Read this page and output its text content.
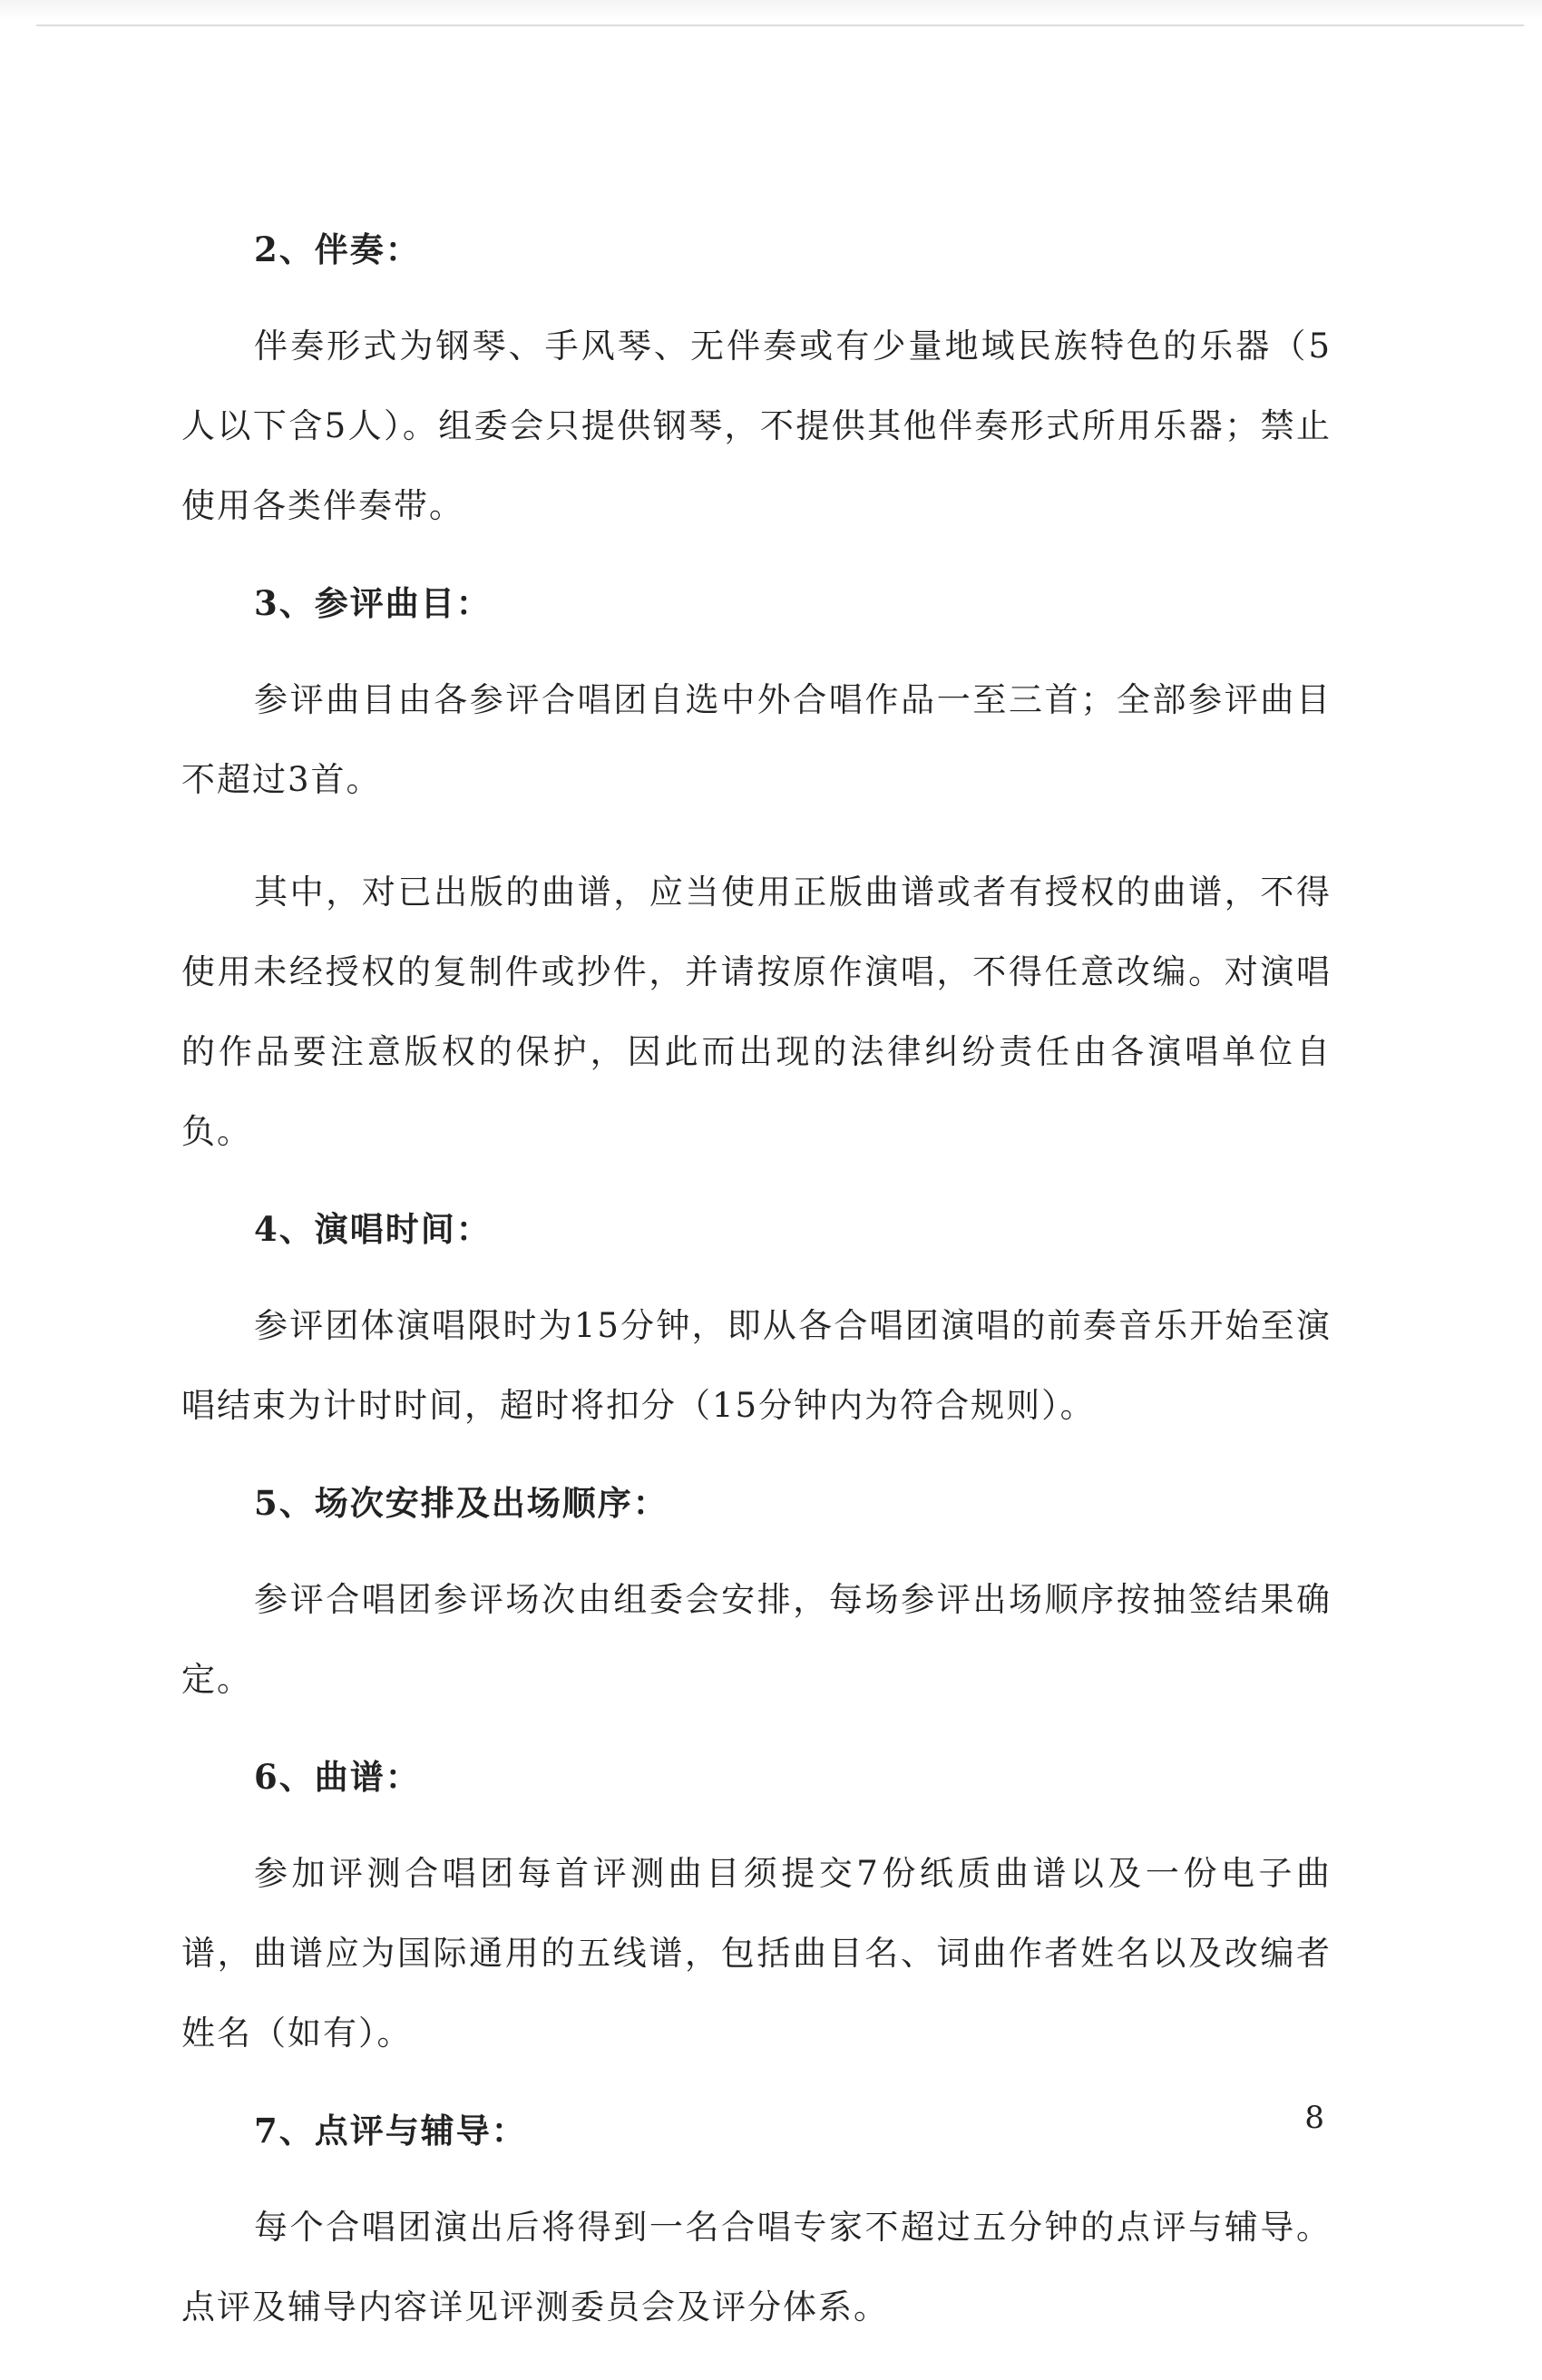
2、伴奏：

伴奏形式为钢琴、手风琴、无伴奏或有少量地域民族特色的乐器（5人以下含5人）。组委会只提供钢琴，不提供其他伴奏形式所用乐器；禁止使用各类伴奏带。

3、参评曲目：

参评曲目由各参评合唱团自选中外合唱作品一至三首；全部参评曲目不超过3首。

其中，对已出版的曲谱，应当使用正版曲谱或者有授权的曲谱，不得使用未经授权的复制件或抄件，并请按原作演唱，不得任意改编。对演唱的作品要注意版权的保护，因此而出现的法律纠纷责任由各演唱单位自负。

4、演唱时间：

参评团体演唱限时为15分钟，即从各合唱团演唱的前奏音乐开始至演唱结束为计时时间，超时将扣分（15分钟内为符合规则）。

5、场次安排及出场顺序：

参评合唱团参评场次由组委会安排，每场参评出场顺序按抽签结果确定。

6、曲谱：

参加评测合唱团每首评测曲目须提交7份纸质曲谱以及一份电子曲谱，曲谱应为国际通用的五线谱，包括曲目名、词曲作者姓名以及改编者姓名（如有）。

7、点评与辅导：

每个合唱团演出后将得到一名合唱专家不超过五分钟的点评与辅导。点评及辅导内容详见评测委员会及评分体系。

8
